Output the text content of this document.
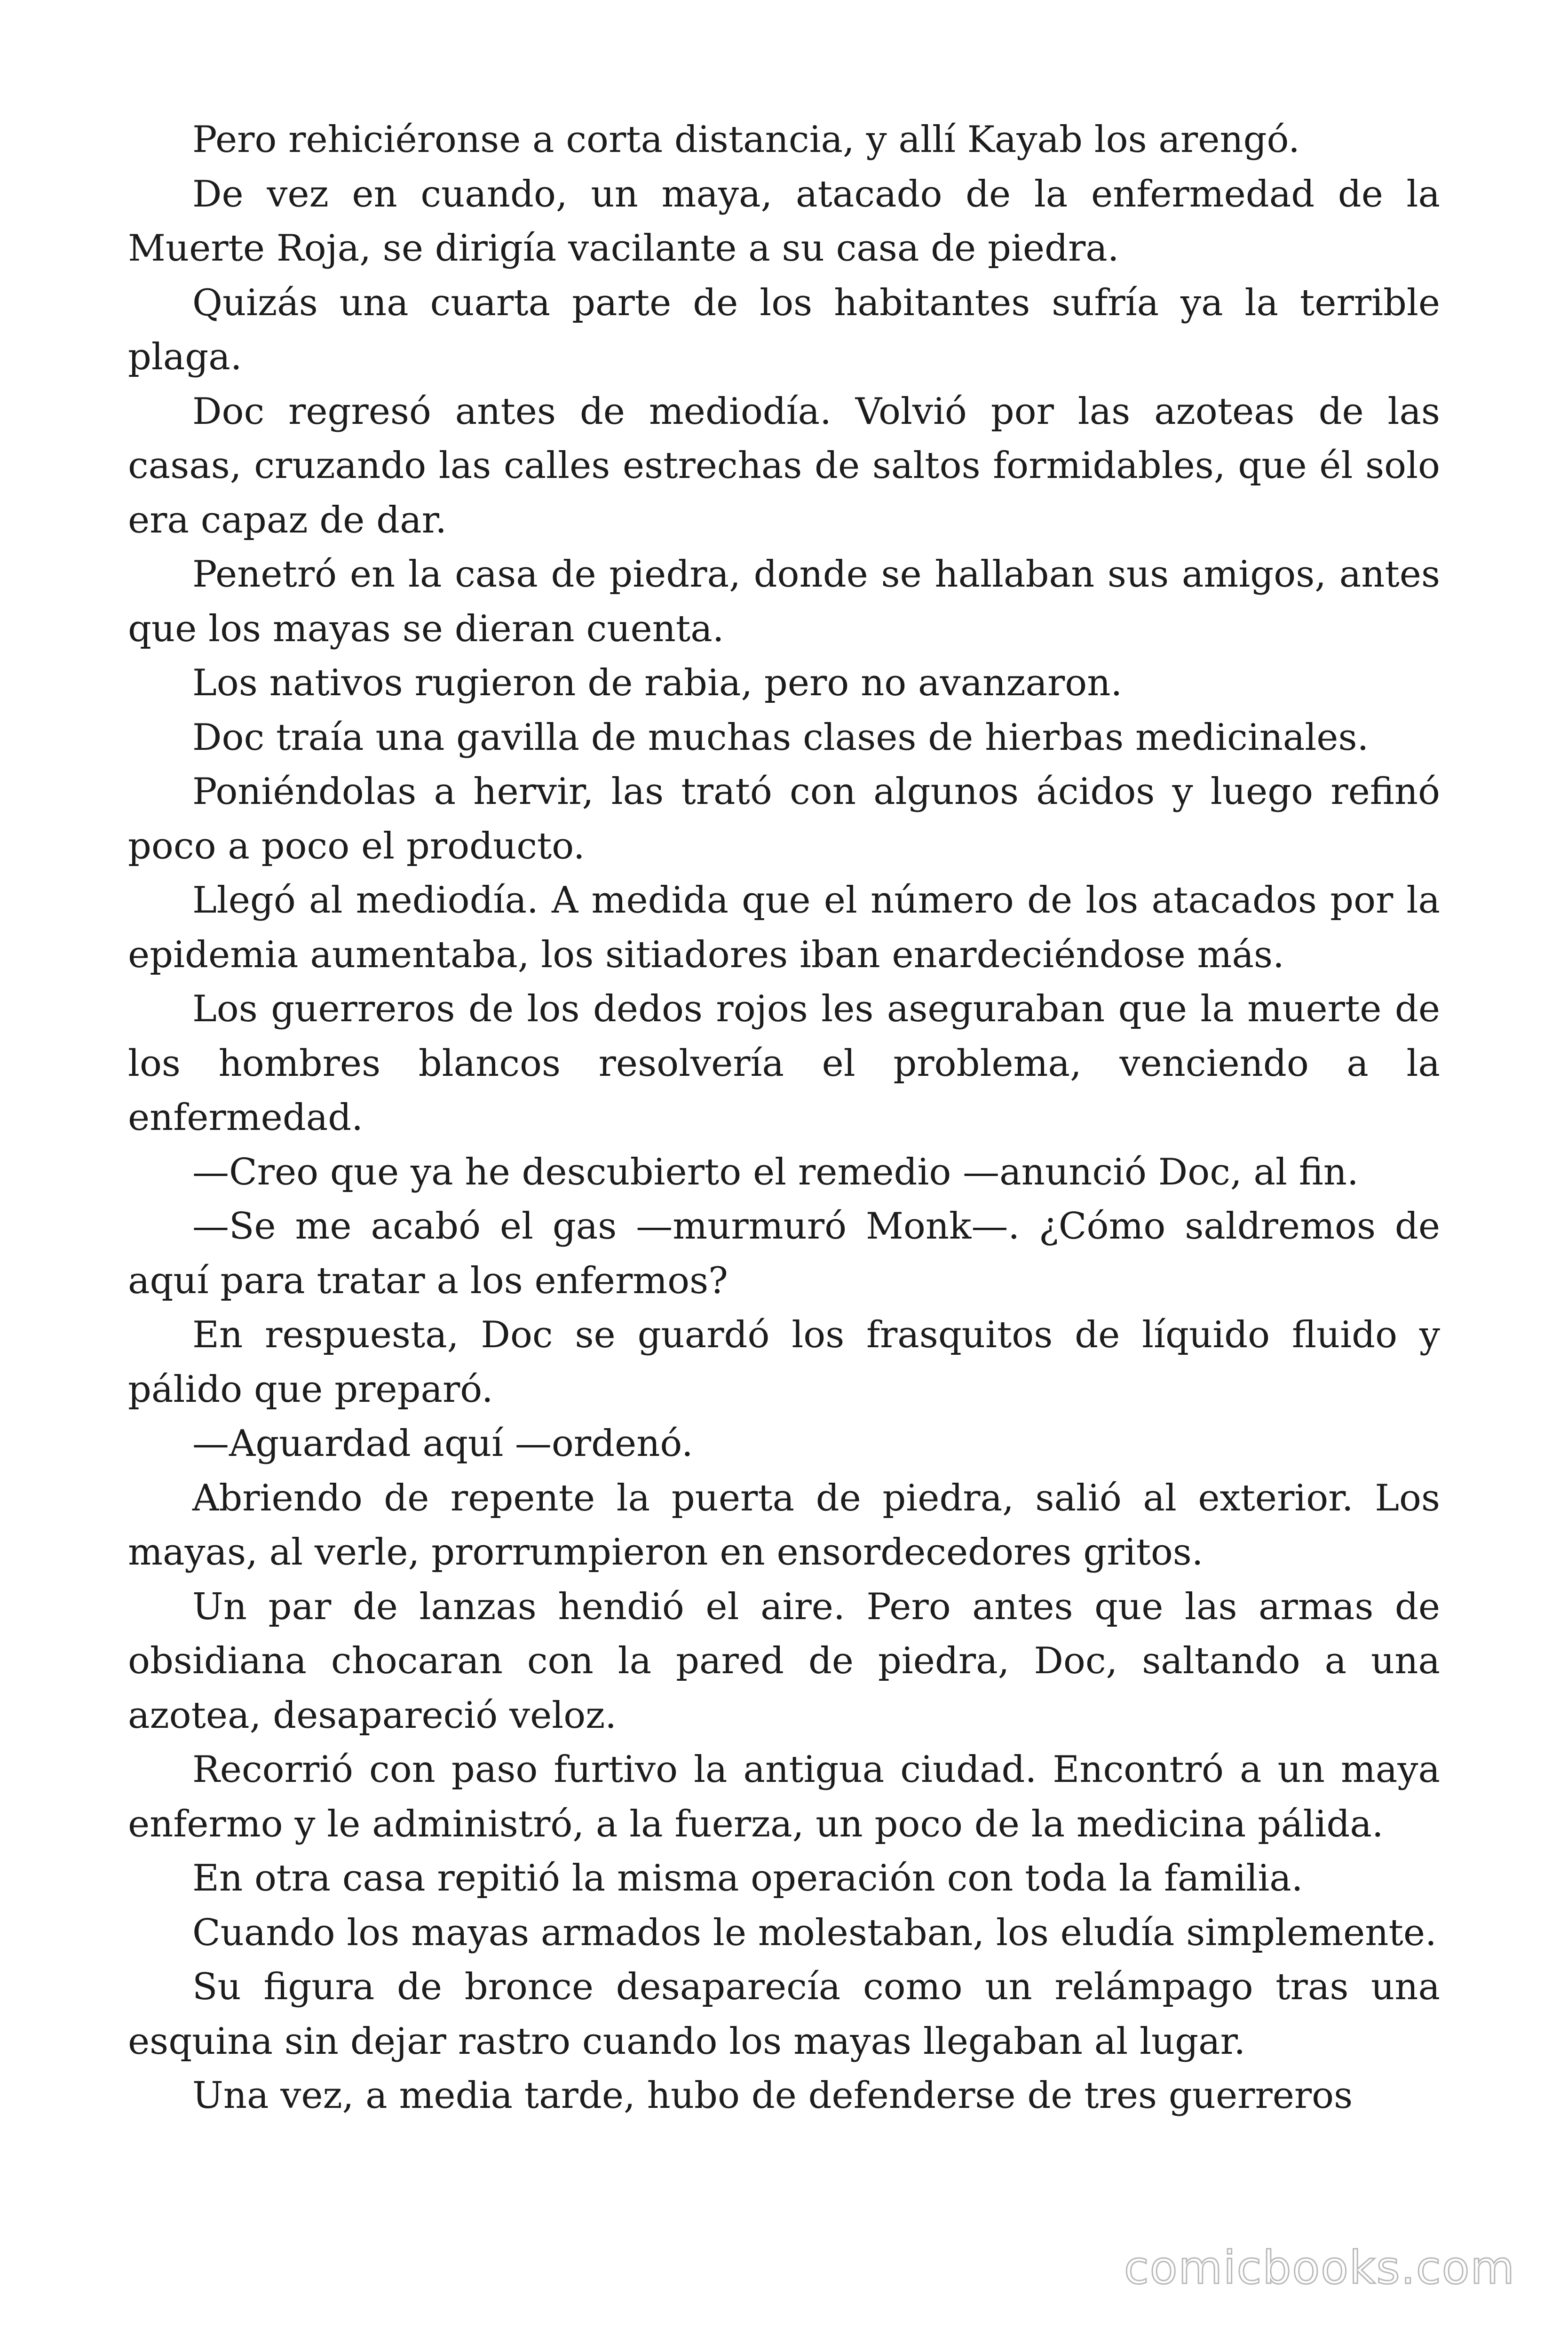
Pero rehiciéronse a corta distancia, y allí Kayab los arengó.

De vez en cuando, un maya, atacado de la enfermedad de la Muerte Roja, se dirigía vacilante a su casa de piedra.

Quizás una cuarta parte de los habitantes sufría ya la terrible plaga.

Doc regresó antes de mediodía. Volvió por las azoteas de las casas, cruzando las calles estrechas de saltos formidables, que él solo era capaz de dar.

Penetró en la casa de piedra, donde se hallaban sus amigos, antes que los mayas se dieran cuenta.

Los nativos rugieron de rabia, pero no avanzaron.

Doc traía una gavilla de muchas clases de hierbas medicinales.

Poniéndolas a hervir, las trató con algunos ácidos y luego refinó poco a poco el producto.

Llegó al mediodía. A medida que el número de los atacados por la epidemia aumentaba, los sitiadores iban enardeciéndose más.

Los guerreros de los dedos rojos les aseguraban que la muerte de los hombres blancos resolvería el problema, venciendo a la enfermedad.

—Creo que ya he descubierto el remedio —anunció Doc, al fin.

—Se me acabó el gas —murmuró Monk—. ¿Cómo saldremos de aquí para tratar a los enfermos?

En respuesta, Doc se guardó los frasquitos de líquido fluido y pálido que preparó.

—Aguardad aquí —ordenó.

Abriendo de repente la puerta de piedra, salió al exterior. Los mayas, al verle, prorrumpieron en ensordecedores gritos.

Un par de lanzas hendió el aire. Pero antes que las armas de obsidiana chocaran con la pared de piedra, Doc, saltando a una azotea, desapareció veloz.

Recorrió con paso furtivo la antigua ciudad. Encontró a un maya enfermo y le administró, a la fuerza, un poco de la medicina pálida.

En otra casa repitió la misma operación con toda la familia.

Cuando los mayas armados le molestaban, los eludía simplemente.

Su figura de bronce desaparecía como un relámpago tras una esquina sin dejar rastro cuando los mayas llegaban al lugar.

Una vez, a media tarde, hubo de defenderse de tres guerreros

comicbooks.com
